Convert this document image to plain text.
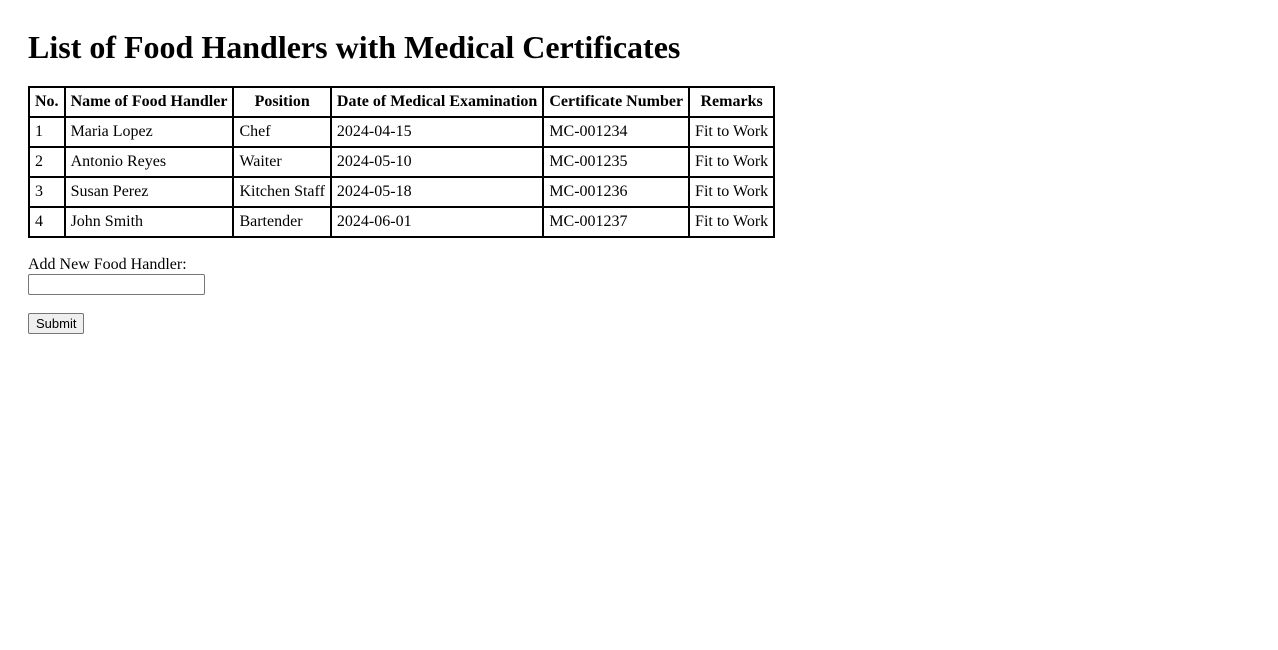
List of Food Handlers with Medical Certificates
No.	Name of Food Handler	Position	Date of Medical Examination	Certificate Number	Remarks
1	Maria Lopez	Chef	2024-04-15	MC-001234	Fit to Work
2	Antonio Reyes	Waiter	2024-05-10	MC-001235	Fit to Work
3	Susan Perez	Kitchen Staff	2024-05-18	MC-001236	Fit to Work
4	John Smith	Bartender	2024-06-01	MC-001237	Fit to Work
Add New Food Handler:
Submit
